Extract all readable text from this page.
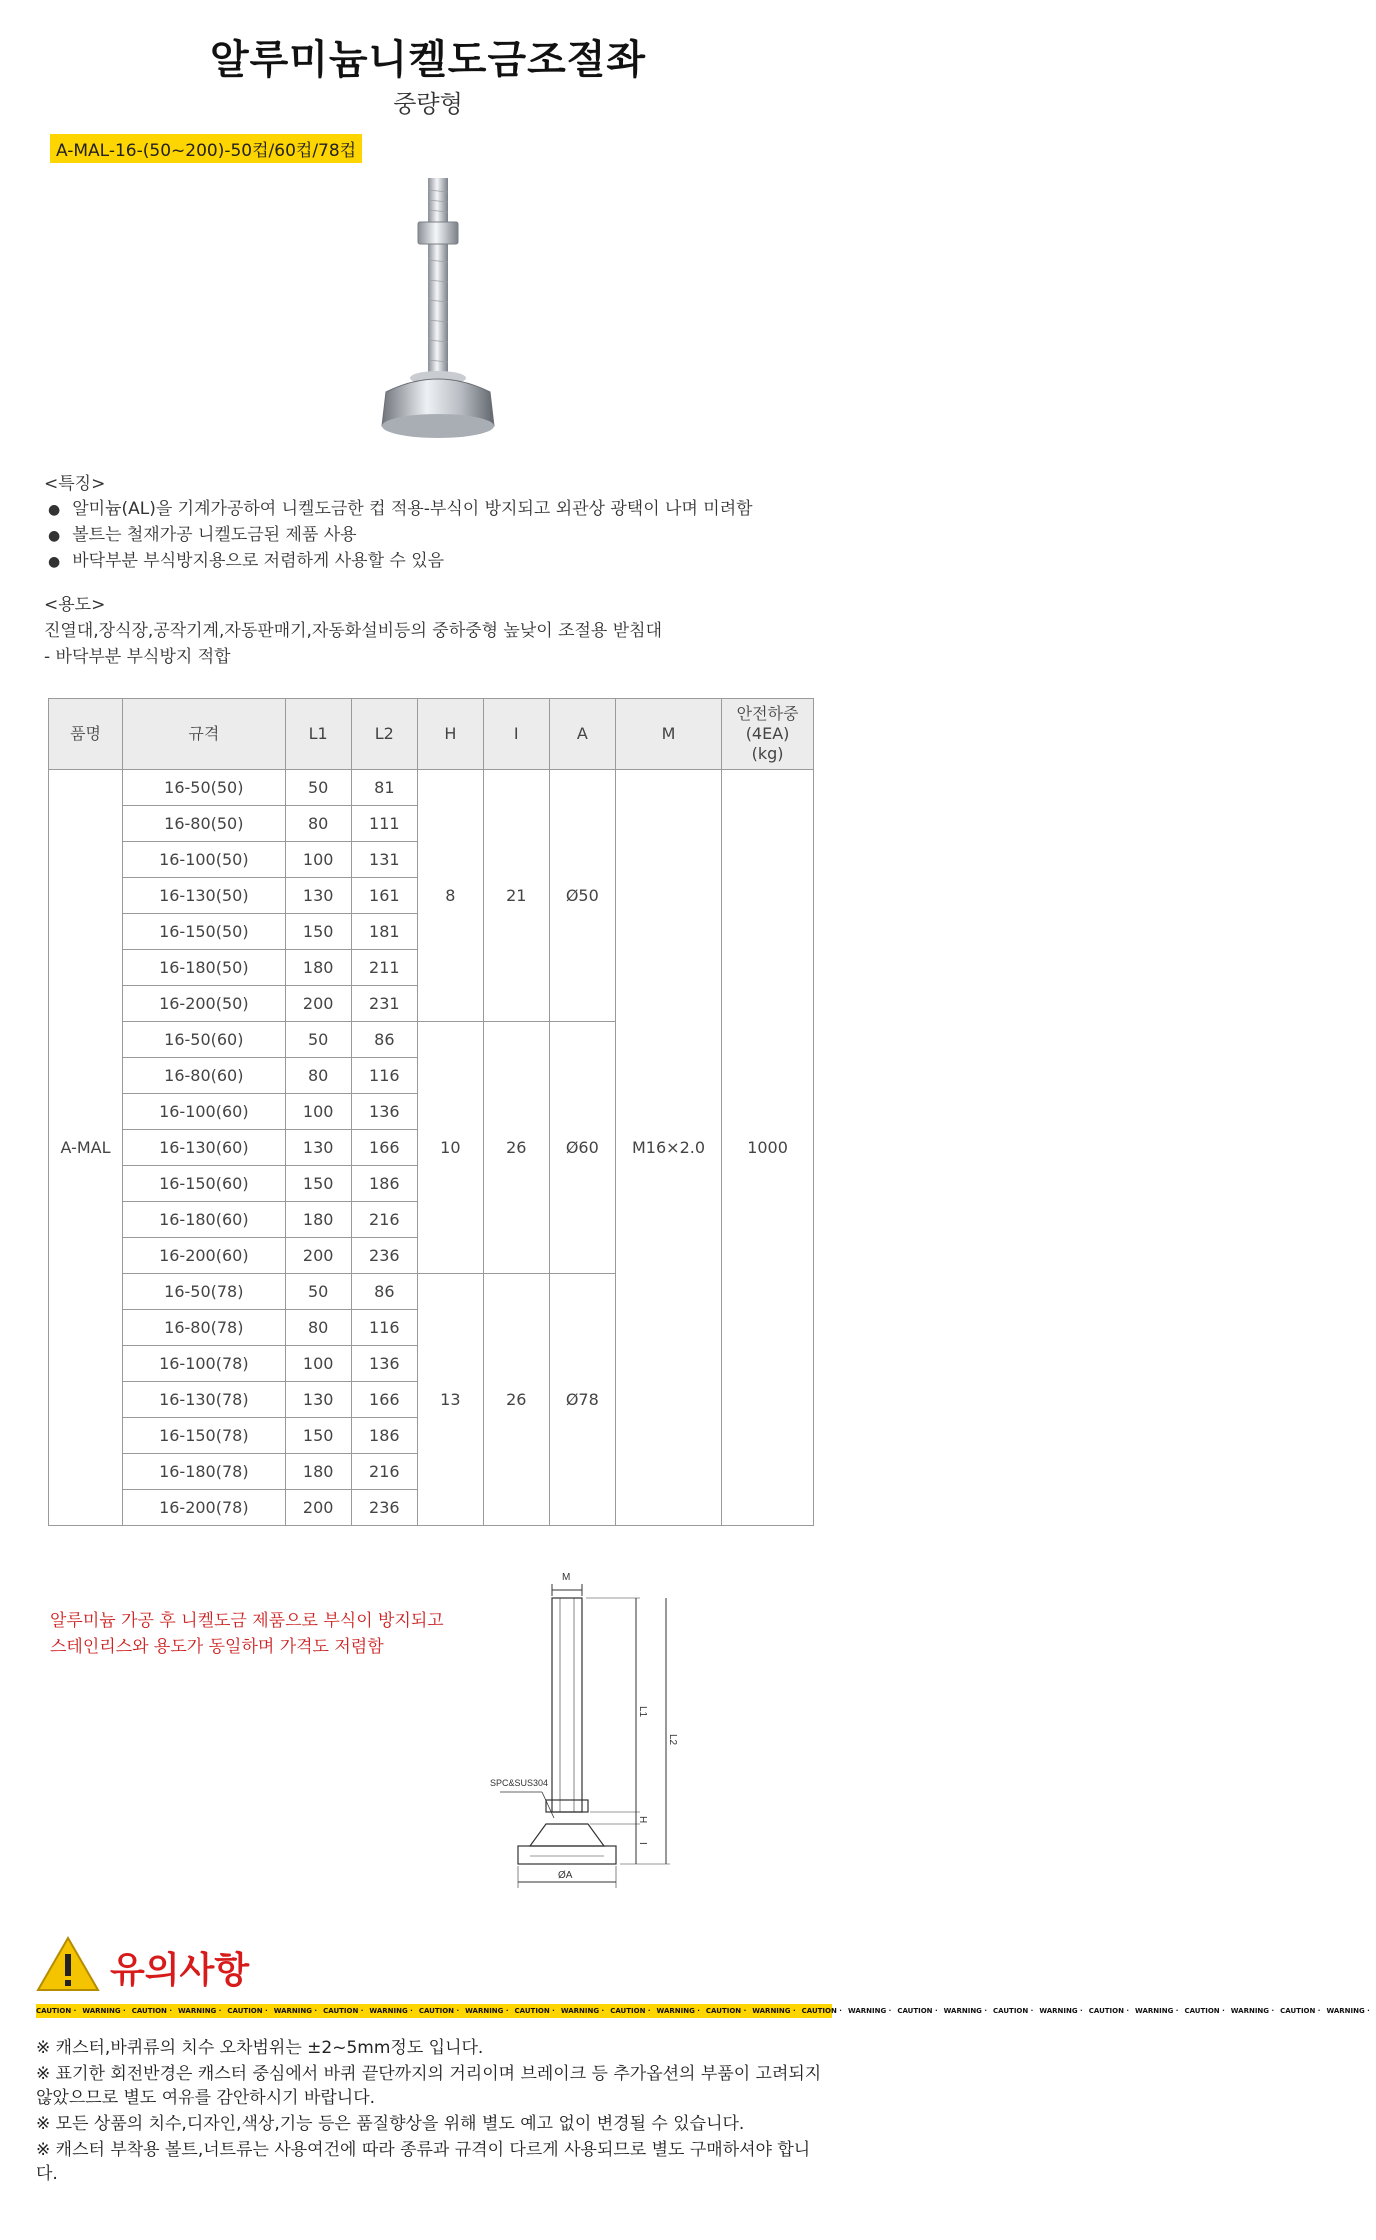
알루미늄니켈도금조절좌
중량형
A-MAL-16-(50~200)-50컵/60컵/78컵
<특징>
● 알미늄(AL)을 기계가공하여 니켈도금한 컵 적용-부식이 방지되고 외관상 광택이 나며 미려함
● 볼트는 철재가공 니켈도금된 제품 사용
● 바닥부분 부식방지용으로 저렴하게 사용할 수 있음
<용도>
진열대,장식장,공작기계,자동판매기,자동화설비등의 중하중형 높낮이 조절용 받침대
- 바닥부분 부식방지 적합
품명	규격	L1	L2	H	I	A	M	안전하중
(4EA)
(kg)
A-MAL	16-50(50)	50	81	8	21	Ø50	M16×2.0	1000
	16-80(50)	80	111					
	16-100(50)	100	131					
	16-130(50)	130	161					
	16-150(50)	150	181					
	16-180(50)	180	211					
	16-200(50)	200	231					
	16-50(60)	50	86	10	26	Ø60		
	16-80(60)	80	116					
	16-100(60)	100	136					
	16-130(60)	130	166					
	16-150(60)	150	186					
	16-180(60)	180	216					
	16-200(60)	200	236					
	16-50(78)	50	86	13	26	Ø78		
	16-80(78)	80	116					
	16-100(78)	100	136					
	16-130(78)	130	166					
	16-150(78)	150	186					
	16-180(78)	180	216					
	16-200(78)	200	236					
알루미늄 가공 후 니켈도금 제품으로 부식이 방지되고
스테인리스와 용도가 동일하며 가격도 저렴함
M
SPC&SUS304
L1
L2
H
I
ØA
유의사항
CAUTION · WARNING · CAUTION · WARNING · CAUTION · WARNING · CAUTION · WARNING · CAUTION · WARNING · CAUTION · WARNING · CAUTION · WARNING · CAUTION · WARNING · CAUTION · WARNING · CAUTION · WARNING · CAUTION · WARNING · CAUTION · WARNING · CAUTION · WARNING · CAUTION · WARNING ·

※ 캐스터,바퀴류의 치수 오차범위는 ±2~5mm정도 입니다.

※ 표기한 회전반경은 캐스터 중심에서 바퀴 끝단까지의 거리이며 브레이크 등 추가옵션의 부품이 고려되지 않았으므로 별도 여유를 감안하시기 바랍니다.

※ 모든 상품의 치수,디자인,색상,기능 등은 품질향상을 위해 별도 예고 없이 변경될 수 있습니다.

※ 캐스터 부착용 볼트,너트류는 사용여건에 따라 종류과 규격이 다르게 사용되므로 별도 구매하셔야 합니다.
